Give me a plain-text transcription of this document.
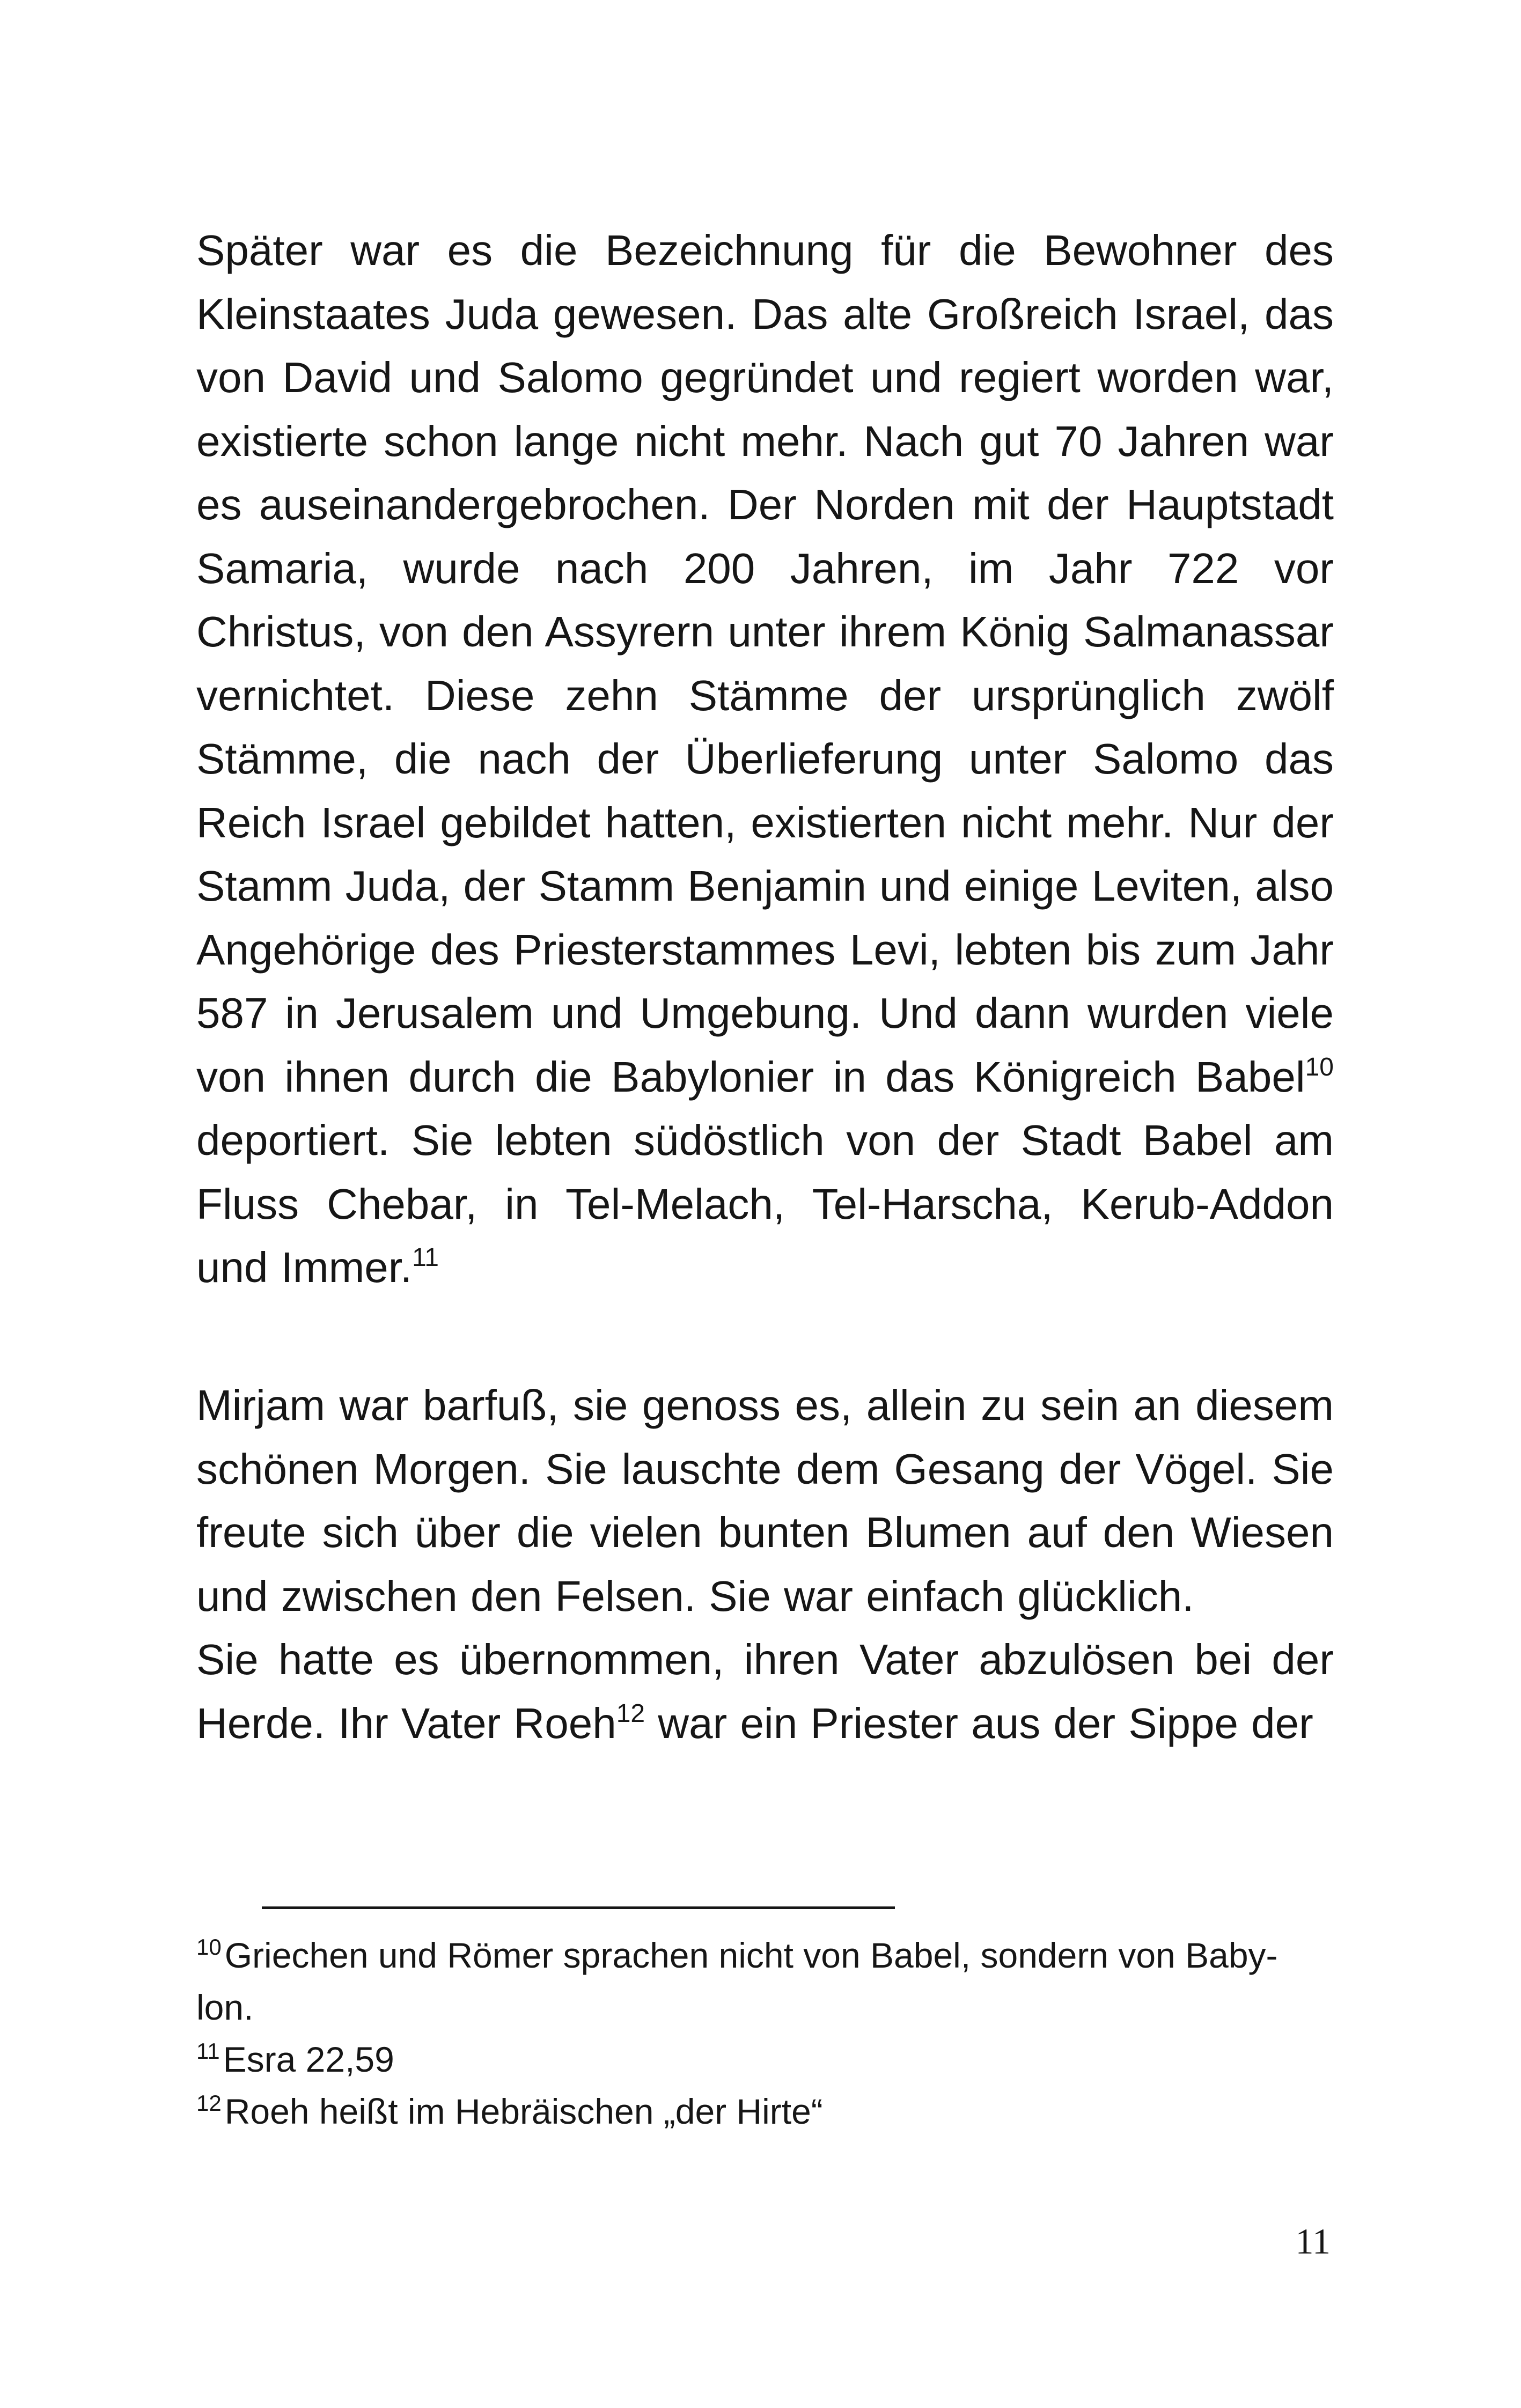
Später war es die Bezeichnung für die Bewohner des Kleinstaates Juda gewesen. Das alte Großreich Israel, das von David und Salomo gegründet und regiert worden war, existierte schon lange nicht mehr. Nach gut 70 Jahren war es auseinandergebrochen. Der Norden mit der Hauptstadt Samaria, wurde nach 200 Jahren, im Jahr 722 vor Christus, von den Assyrern unter ihrem König Salmanassar vernichtet. Diese zehn Stämme der ursprünglich zwölf Stämme, die nach der Überlieferung unter Salomo das Reich Israel gebildet hatten, existierten nicht mehr. Nur der Stamm Juda, der Stamm Benjamin und einige Leviten, also Angehörige des Priesterstammes Levi, lebten bis zum Jahr 587 in Jerusalem und Umgebung. Und dann wurden viele von ihnen durch die Babylonier in das Königreich Babel$^{10}$ deportiert. Sie lebten südöstlich von der Stadt Babel am Fluss Chebar, in Tel-Melach, Tel-Harscha, Kerub-Addon und Immer.$^{11}$

Mirjam war barfuß, sie genoss es, allein zu sein an diesem schönen Morgen. Sie lauschte dem Gesang der Vögel. Sie freute sich über die vielen bunten Blumen auf den Wiesen und zwischen den Felsen. Sie war einfach glücklich.

Sie hatte es übernommen, ihren Vater abzulösen bei der Herde. Ihr Vater Roeh$^{12}$ war ein Priester aus der Sippe der

$^{10}$Griechen und Römer sprachen nicht von Babel, sondern von Babylon.

$^{11}$Esra 22,59

$^{12}$Roeh heißt im Hebräischen „der Hirte“

11
